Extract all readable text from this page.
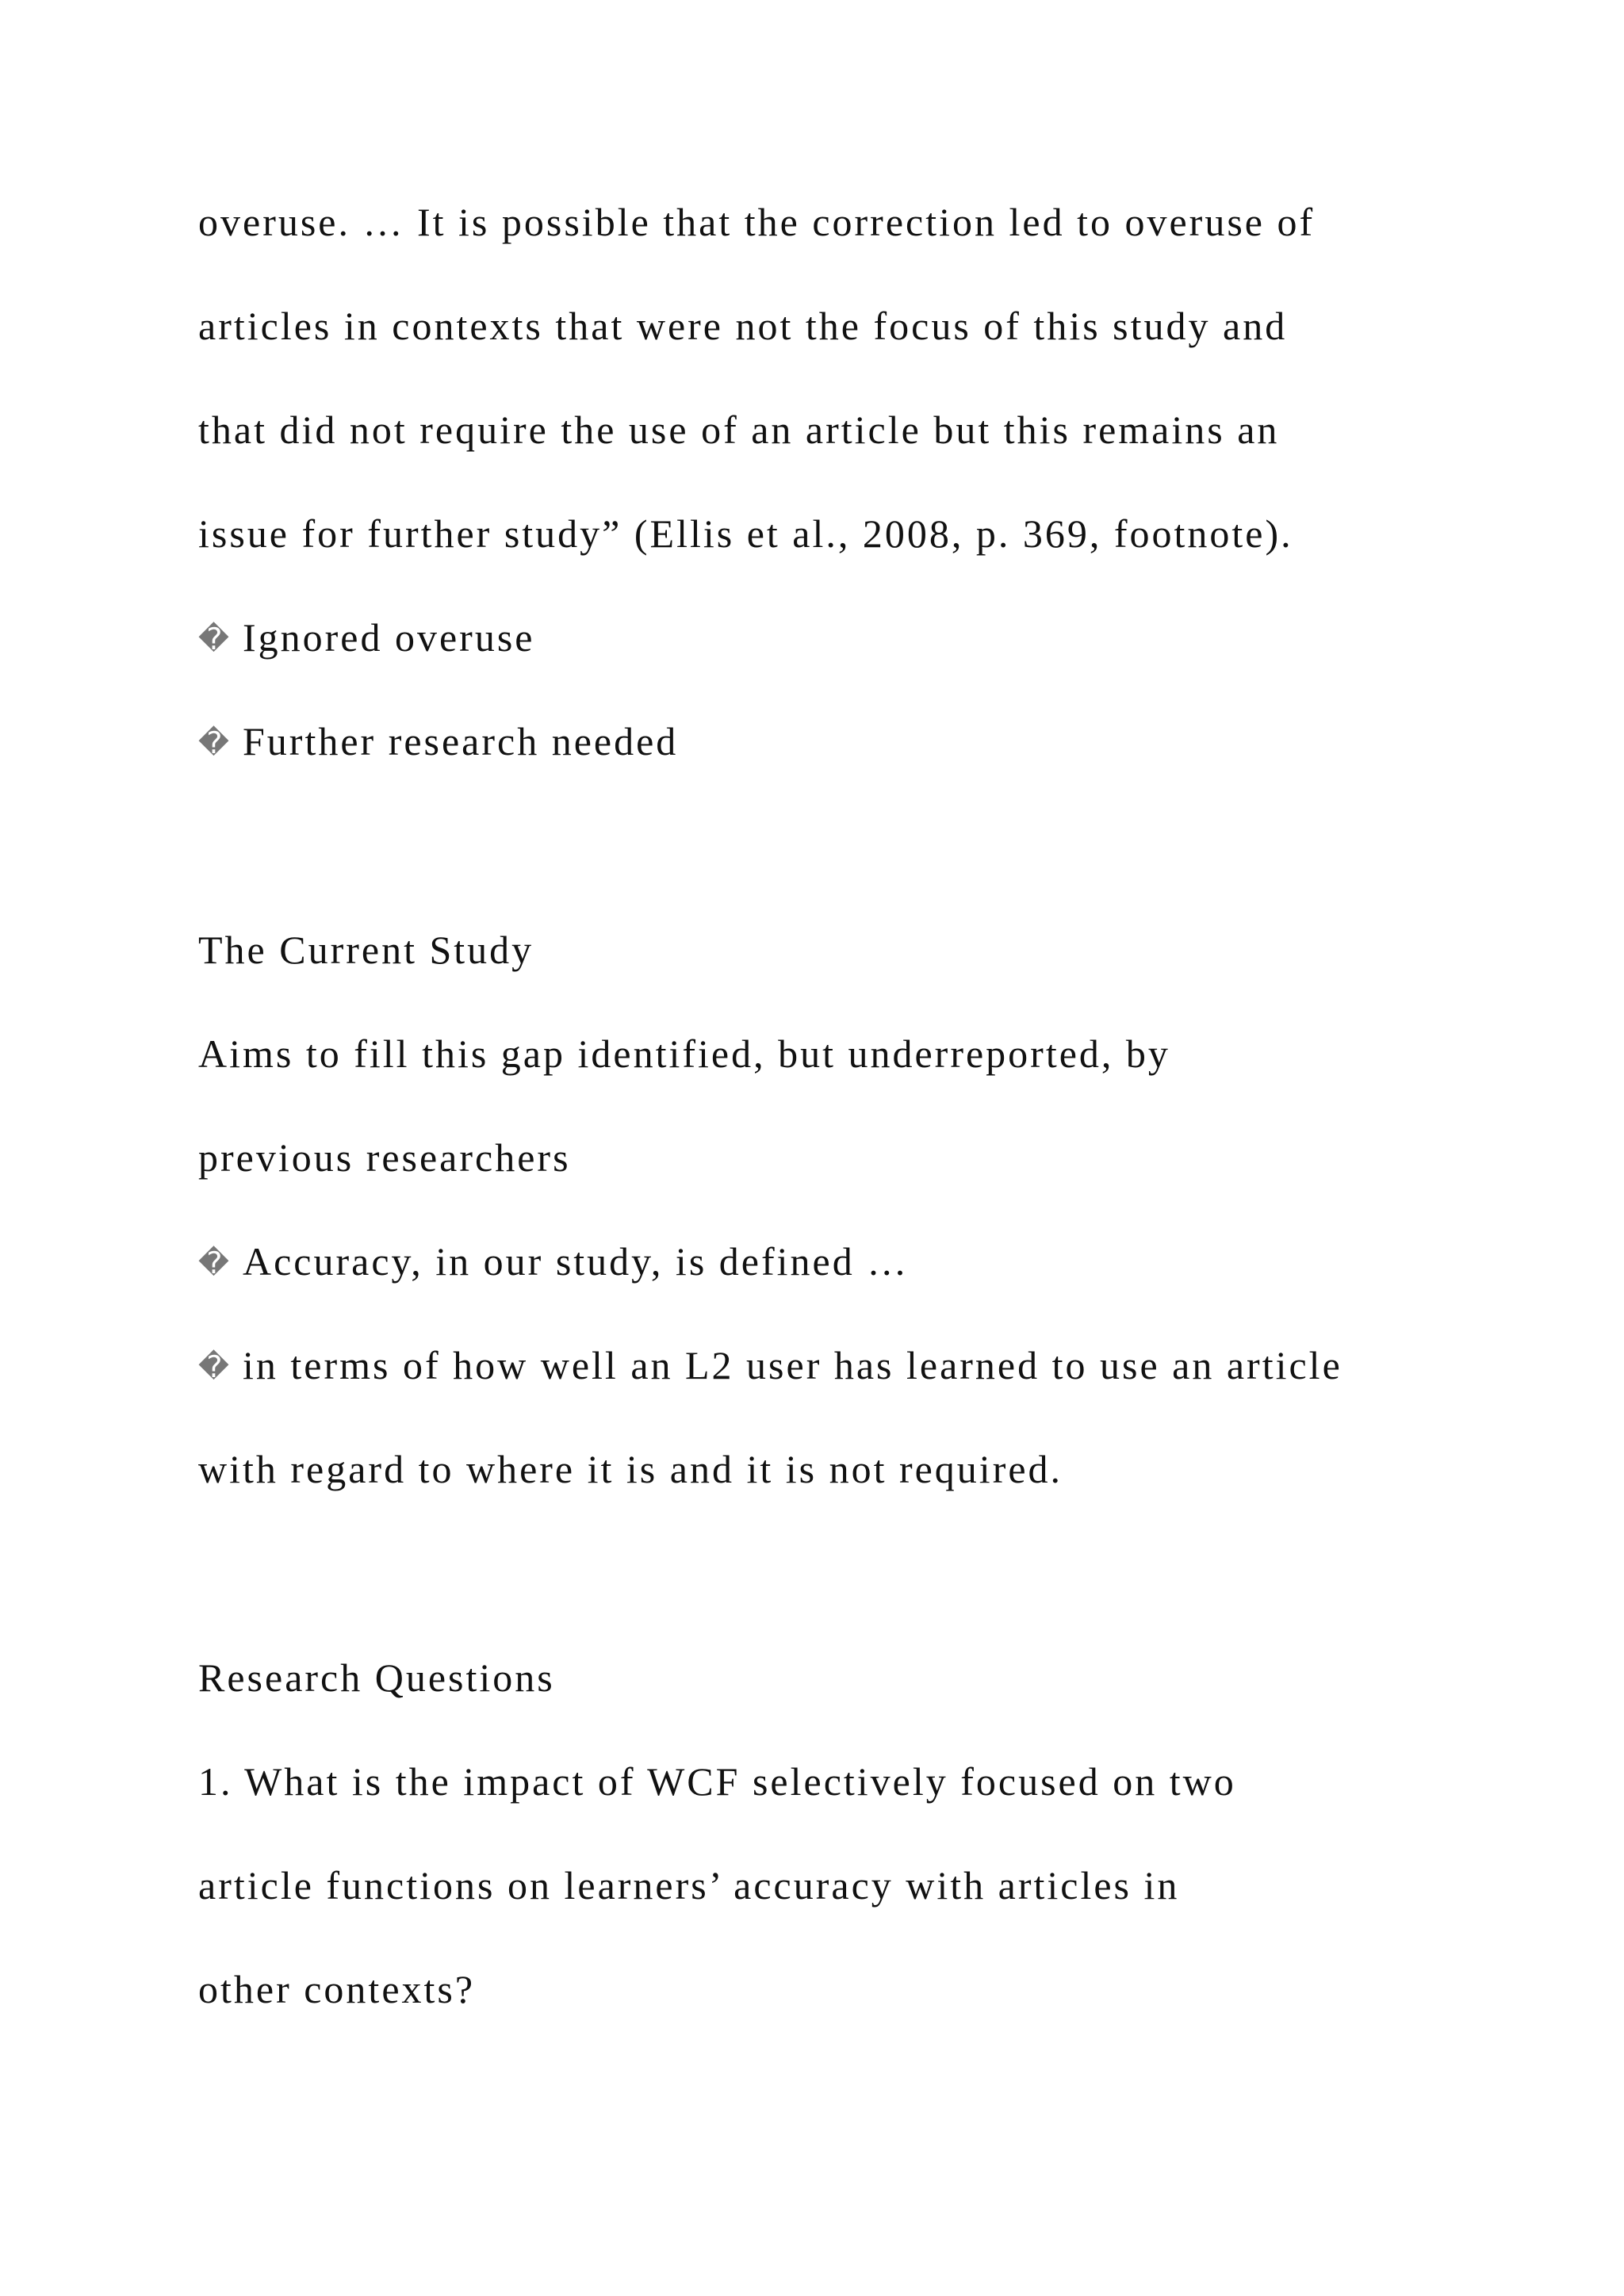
overuse. … It is possible that the correction led to overuse of
articles in contexts that were not the focus of this study and
that did not require the use of an article but this remains an
issue for further study” (Ellis et al., 2008, p. 369, footnote).
� Ignored overuse
� Further research needed
The Current Study
Aims to fill this gap identified, but underreported, by
previous researchers
� Accuracy, in our study, is defined …
� in terms of how well an L2 user has learned to use an article
with regard to where it is and it is not required.
Research Questions
1. What is the impact of WCF selectively focused on two
article functions on learners’ accuracy with articles in
other contexts?
